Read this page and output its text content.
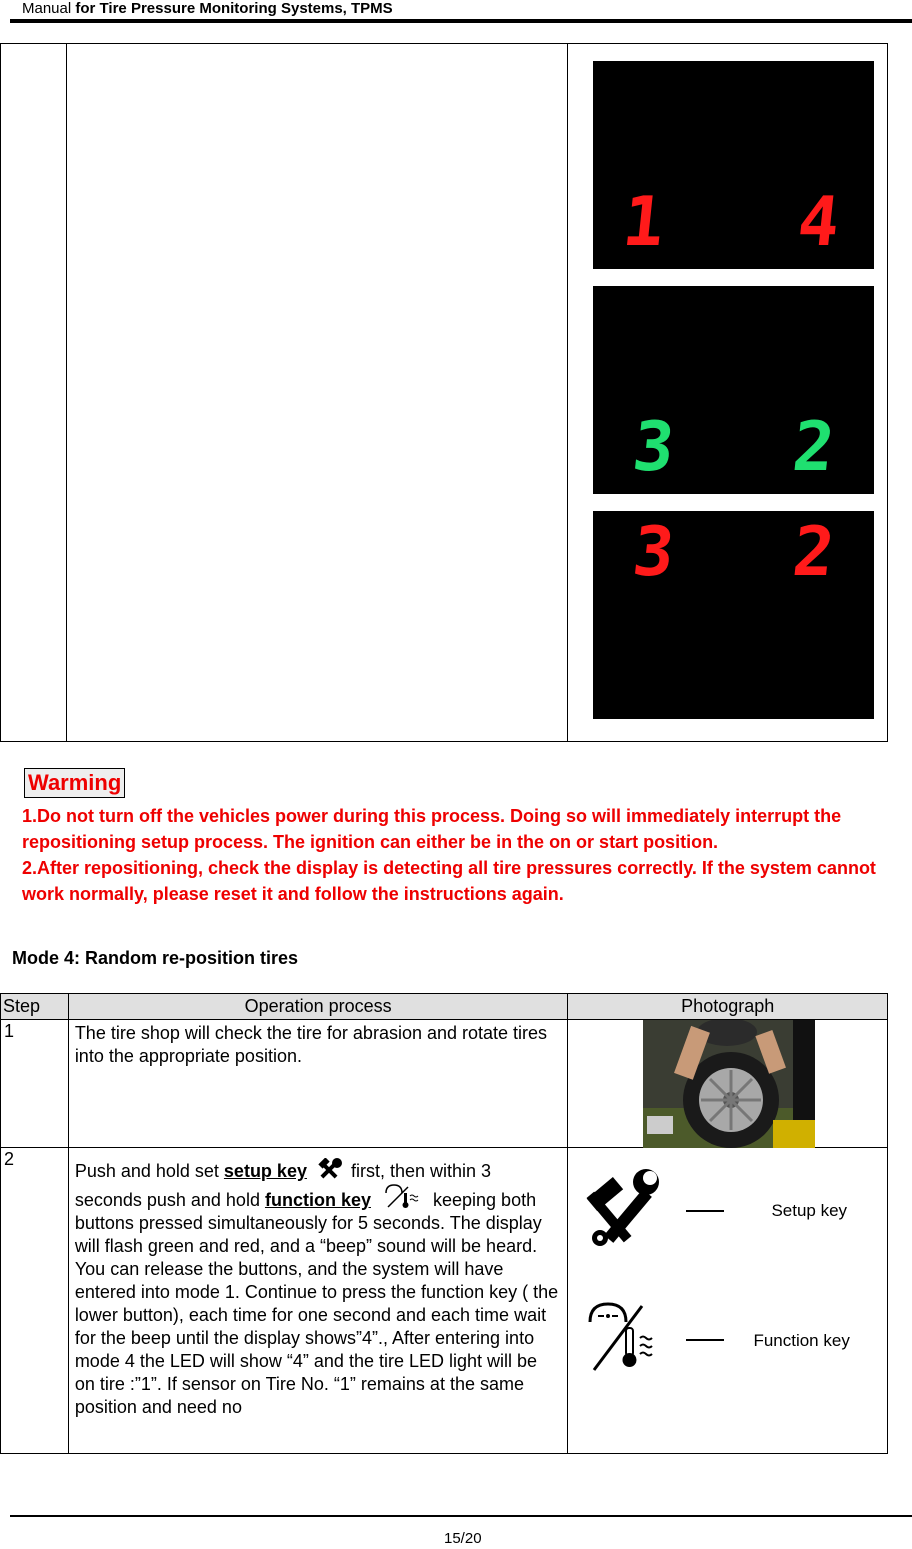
Manual for Tire Pressure Monitoring Systems, TPMS

1 4
3 2
3 2
Warming
1.Do not turn off the vehicles power during this process. Doing so will immediately interrupt the repositioning setup process. The ignition can either be in the on or start position.
2.After repositioning, check the display is detecting all tire pressures correctly. If the system cannot work normally, please reset it and follow the instructions again.
Mode 4: Random re-position tires
Step	Operation process	Photograph
1	The tire shop will check the tire for abrasion and rotate tires into the appropriate position.	

2	Push and hold set setup key  first, then within 3 seconds push and hold function key keeping both buttons pressed simultaneously for 5 seconds. The display will flash green and red, and a “beep” sound will be heard. You can release the buttons, and the system will have entered into mode 1. Continue to press the function key ( the lower button), each time for one second and each time wait for the beep until the display shows”4”., After entering into mode 4 the LED will show “4” and the tire LED light will be on tire :”1”. If sensor on Tire No. “1” remains at the same position and need no	Setup key
Function key
15/20
